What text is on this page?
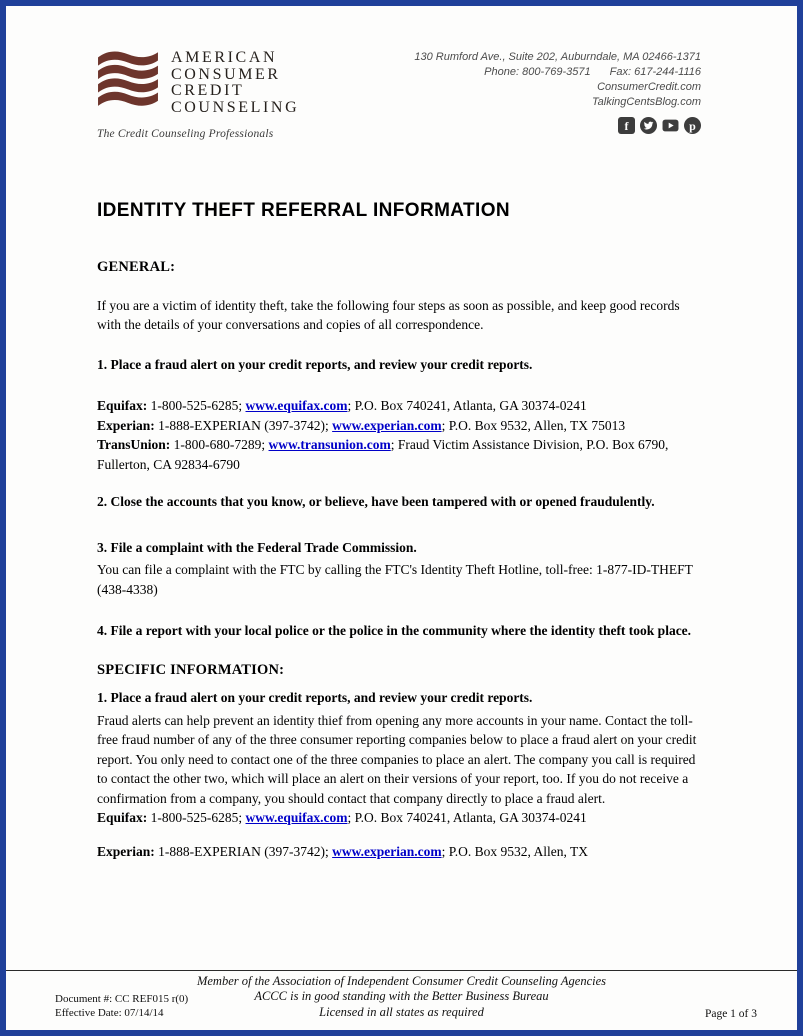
AMERICAN
CONSUMER
CREDIT
COUNSELING
The Credit Counseling Professionals
130 Rumford Ave., Suite 202, Auburndale, MA 02466-1371
Phone: 800-769-3571 Fax: 617-244-1116
ConsumerCredit.com
TalkingCentsBlog.com
f	p
IDENTITY THEFT REFERRAL INFORMATION
GENERAL:

If you are a victim of identity theft, take the following four steps as soon as possible, and keep good records with the details of your conversations and copies of all correspondence.

1. Place a fraud alert on your credit reports, and review your credit reports.

Equifax: 1-800-525-6285; www.equifax.com; P.O. Box 740241, Atlanta, GA 30374-0241
Experian: 1-888-EXPERIAN (397-3742); www.experian.com; P.O. Box 9532, Allen, TX 75013
TransUnion: 1-800-680-7289; www.transunion.com; Fraud Victim Assistance Division, P.O. Box 6790, Fullerton, CA 92834-6790

2. Close the accounts that you know, or believe, have been tampered with or opened fraudulently.

3. File a complaint with the Federal Trade Commission.

You can file a complaint with the FTC by calling the FTC's Identity Theft Hotline, toll-free: 1-877-ID-THEFT (438-4338)

4. File a report with your local police or the police in the community where the identity theft took place.

SPECIFIC INFORMATION:

1. Place a fraud alert on your credit reports, and review your credit reports.

Fraud alerts can help prevent an identity thief from opening any more accounts in your name. Contact the toll-free fraud number of any of the three consumer reporting companies below to place a fraud alert on your credit report. You only need to contact one of the three companies to place an alert. The company you call is required to contact the other two, which will place an alert on their versions of your report, too. If you do not receive a confirmation from a company, you should contact that company directly to place a fraud alert.

Equifax: 1-800-525-6285; www.equifax.com; P.O. Box 740241, Atlanta, GA 30374-0241
Experian: 1-888-EXPERIAN (397-3742); www.experian.com; P.O. Box 9532, Allen, TX
Member of the Association of Independent Consumer Credit Counseling Agencies
ACCC is in good standing with the Better Business Bureau
Licensed in all states as required
Document #: CC REF015 r(0)
Effective Date: 07/14/14	Page 1 of 3
